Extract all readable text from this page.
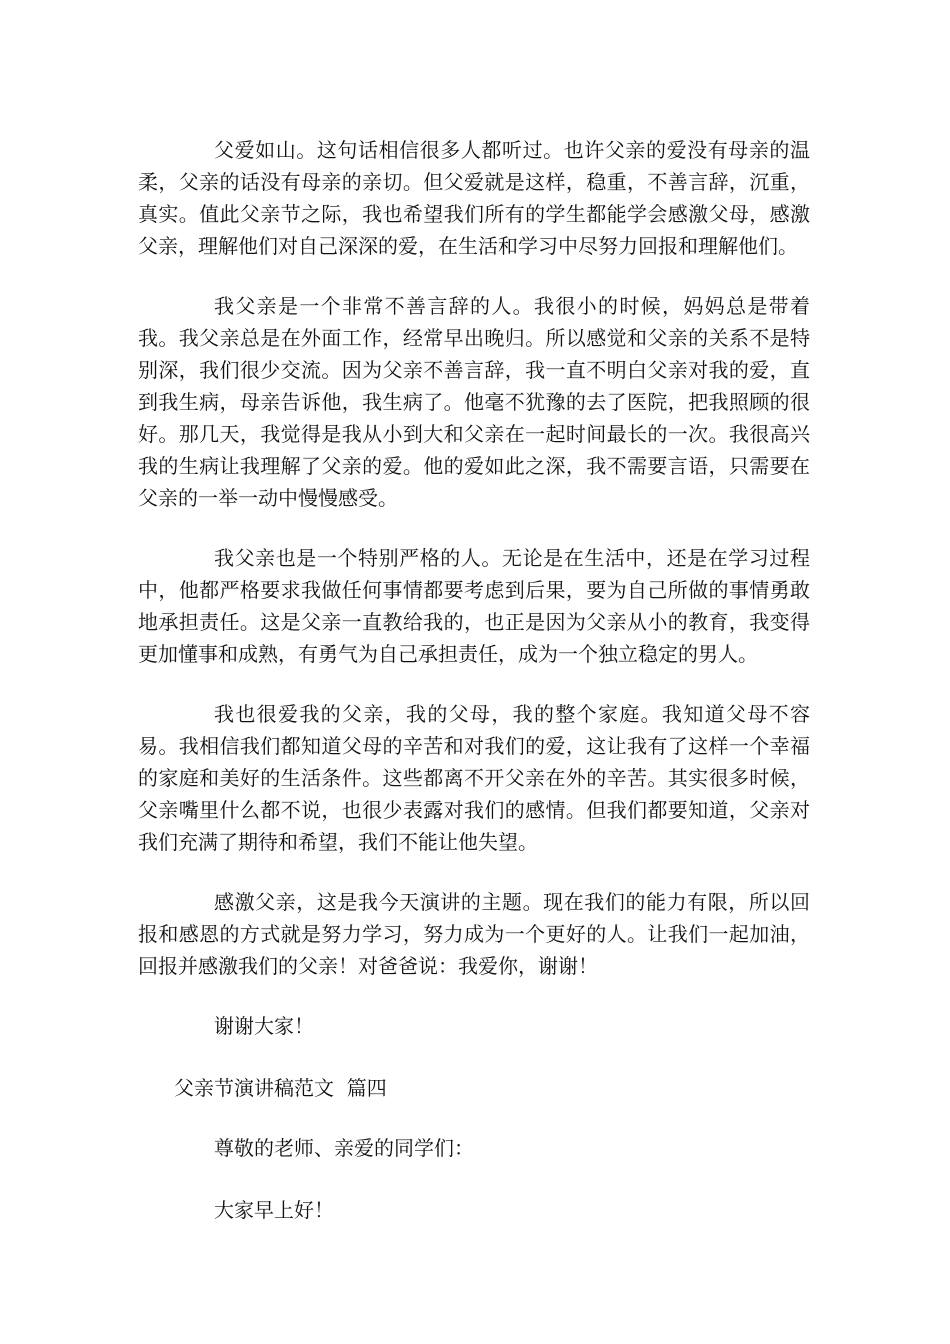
父爱如山。这句话相信很多人都听过。也许父亲的爱没有母亲的温柔，父亲的话没有母亲的亲切。但父爱就是这样，稳重，不善言辞，沉重，真实。值此父亲节之际，我也希望我们所有的学生都能学会感激父母，感激父亲，理解他们对自己深深的爱，在生活和学习中尽努力回报和理解他们。

我父亲是一个非常不善言辞的人。我很小的时候，妈妈总是带着我。我父亲总是在外面工作，经常早出晚归。所以感觉和父亲的关系不是特别深，我们很少交流。因为父亲不善言辞，我一直不明白父亲对我的爱，直到我生病，母亲告诉他，我生病了。他毫不犹豫的去了医院，把我照顾的很好。那几天，我觉得是我从小到大和父亲在一起时间最长的一次。我很高兴我的生病让我理解了父亲的爱。他的爱如此之深，我不需要言语，只需要在父亲的一举一动中慢慢感受。

我父亲也是一个特别严格的人。无论是在生活中，还是在学习过程中，他都严格要求我做任何事情都要考虑到后果，要为自己所做的事情勇敢地承担责任。这是父亲一直教给我的，也正是因为父亲从小的教育，我变得更加懂事和成熟，有勇气为自己承担责任，成为一个独立稳定的男人。

我也很爱我的父亲，我的父母，我的整个家庭。我知道父母不容易。我相信我们都知道父母的辛苦和对我们的爱，这让我有了这样一个幸福的家庭和美好的生活条件。这些都离不开父亲在外的辛苦。其实很多时候，父亲嘴里什么都不说，也很少表露对我们的感情。但我们都要知道，父亲对我们充满了期待和希望，我们不能让他失望。

感激父亲，这是我今天演讲的主题。现在我们的能力有限，所以回报和感恩的方式就是努力学习，努力成为一个更好的人。让我们一起加油，回报并感激我们的父亲！对爸爸说：我爱你，谢谢！

谢谢大家！

父亲节演讲稿范文  篇四

尊敬的老师、亲爱的同学们：

大家早上好！
